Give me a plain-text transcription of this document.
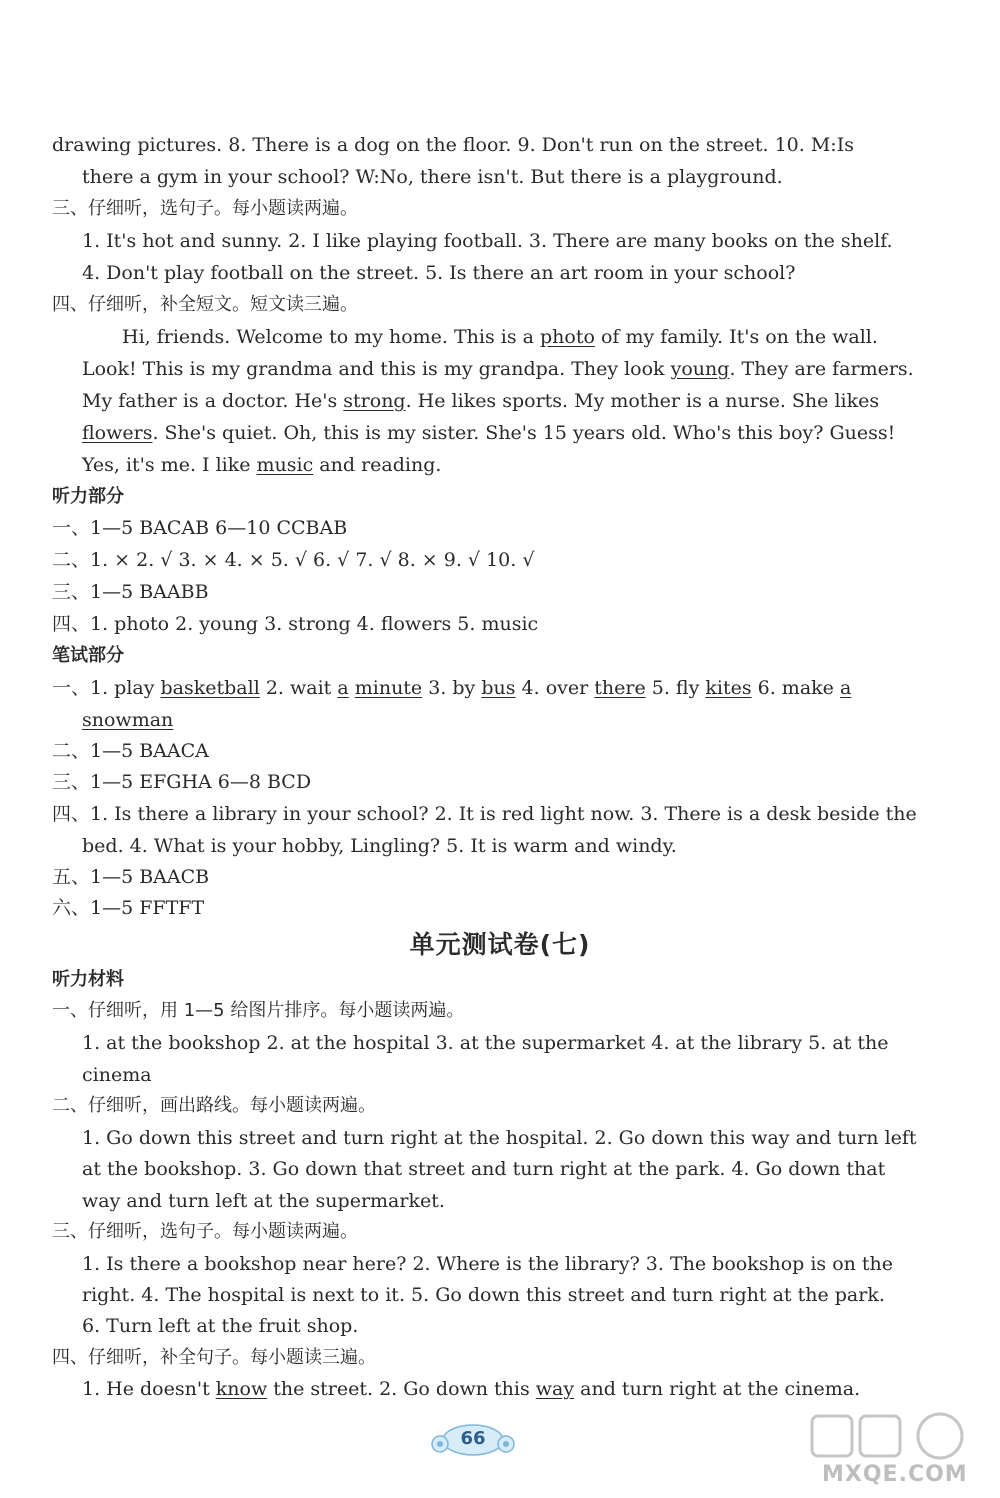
drawing pictures. 8. There is a dog on the floor. 9. Don't run on the street. 10. M:Is
there a gym in your school? W:No, there isn't. But there is a playground.
三、仔细听，选句子。每小题读两遍。
1. It's hot and sunny. 2. I like playing football. 3. There are many books on the shelf.
4. Don't play football on the street. 5. Is there an art room in your school?
四、仔细听，补全短文。短文读三遍。
Hi, friends. Welcome to my home. This is a photo of my family. It's on the wall.
Look! This is my grandma and this is my grandpa. They look young. They are farmers.
My father is a doctor. He's strong. He likes sports. My mother is a nurse. She likes
flowers. She's quiet. Oh, this is my sister. She's 15 years old. Who's this boy? Guess!
Yes, it's me. I like music and reading.
听力部分
一、1—5 BACAB 6—10 CCBAB
二、1. × 2. √ 3. × 4. × 5. √ 6. √ 7. √ 8. × 9. √ 10. √
三、1—5 BAABB
四、1. photo 2. young 3. strong 4. flowers 5. music
笔试部分
一、1. play basketball 2. wait a minute 3. by bus 4. over there 5. fly kites 6. make a
snowman
二、1—5 BAACA
三、1—5 EFGHA 6—8 BCD
四、1. Is there a library in your school? 2. It is red light now. 3. There is a desk beside the
bed. 4. What is your hobby, Lingling? 5. It is warm and windy.
五、1—5 BAACB
六、1—5 FFTFT
单元测试卷(七)
听力材料
一、仔细听，用 1—5 给图片排序。每小题读两遍。
1. at the bookshop 2. at the hospital 3. at the supermarket 4. at the library 5. at the
cinema
二、仔细听，画出路线。每小题读两遍。
1. Go down this street and turn right at the hospital. 2. Go down this way and turn left
at the bookshop. 3. Go down that street and turn right at the park. 4. Go down that
way and turn left at the supermarket.
三、仔细听，选句子。每小题读两遍。
1. Is there a bookshop near here? 2. Where is the library? 3. The bookshop is on the
right. 4. The hospital is next to it. 5. Go down this street and turn right at the park.
6. Turn left at the fruit shop.
四、仔细听，补全句子。每小题读三遍。
1. He doesn't know the street. 2. Go down this way and turn right at the cinema.
66
MXQE.COM
